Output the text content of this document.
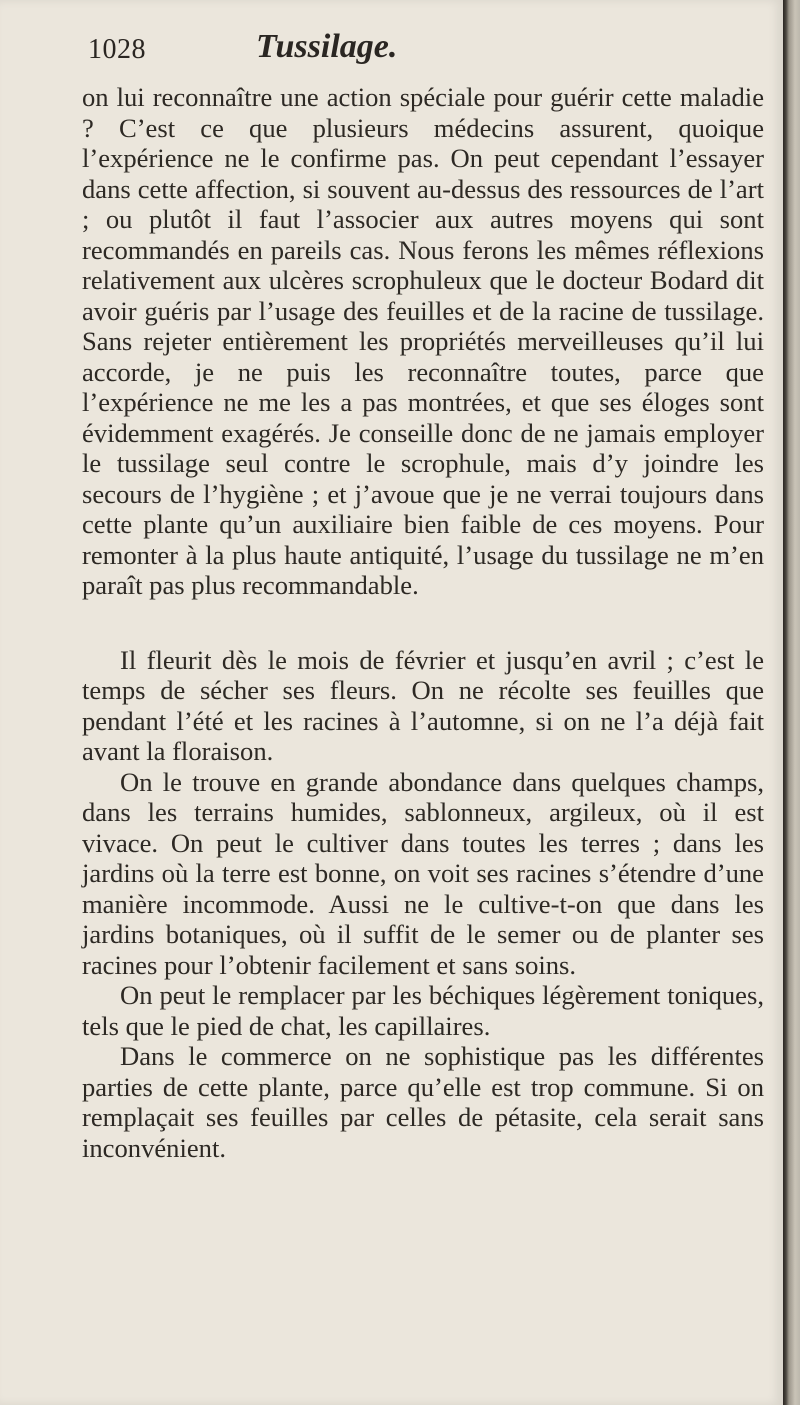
1028	Tussilage.

on lui reconnaître une action spéciale pour guérir cette maladie ? C’est ce que plusieurs médecins assurent, quoique l’expérience ne le confirme pas. On peut cependant l’essayer dans cette affection, si souvent au-dessus des ressources de l’art ; ou plutôt il faut l’associer aux autres moyens qui sont recommandés en pareils cas. Nous ferons les mêmes réflexions relativement aux ulcères scrophuleux que le docteur Bodard dit avoir guéris par l’usage des feuilles et de la racine de tussilage. Sans rejeter entièrement les propriétés merveilleuses qu’il lui accorde, je ne puis les reconnaître toutes, parce que l’expérience ne me les a pas montrées, et que ses éloges sont évidemment exagérés. Je conseille donc de ne jamais employer le tussilage seul contre le scrophule, mais d’y joindre les secours de l’hygiène ; et j’avoue que je ne verrai toujours dans cette plante qu’un auxiliaire bien faible de ces moyens. Pour remonter à la plus haute antiquité, l’usage du tussilage ne m’en paraît pas plus recommandable.

Il fleurit dès le mois de février et jusqu’en avril ; c’est le temps de sécher ses fleurs. On ne récolte ses feuilles que pendant l’été et les racines à l’automne, si on ne l’a déjà fait avant la floraison.

On le trouve en grande abondance dans quelques champs, dans les terrains humides, sablonneux, argileux, où il est vivace. On peut le cultiver dans toutes les terres ; dans les jardins où la terre est bonne, on voit ses racines s’étendre d’une manière incommode. Aussi ne le cultive-t-on que dans les jardins botaniques, où il suffit de le semer ou de planter ses racines pour l’obtenir facilement et sans soins.

On peut le remplacer par les béchiques légèrement toniques, tels que le pied de chat, les capillaires.

Dans le commerce on ne sophistique pas les différentes parties de cette plante, parce qu’elle est trop commune. Si on remplaçait ses feuilles par celles de pétasite, cela serait sans inconvénient.
